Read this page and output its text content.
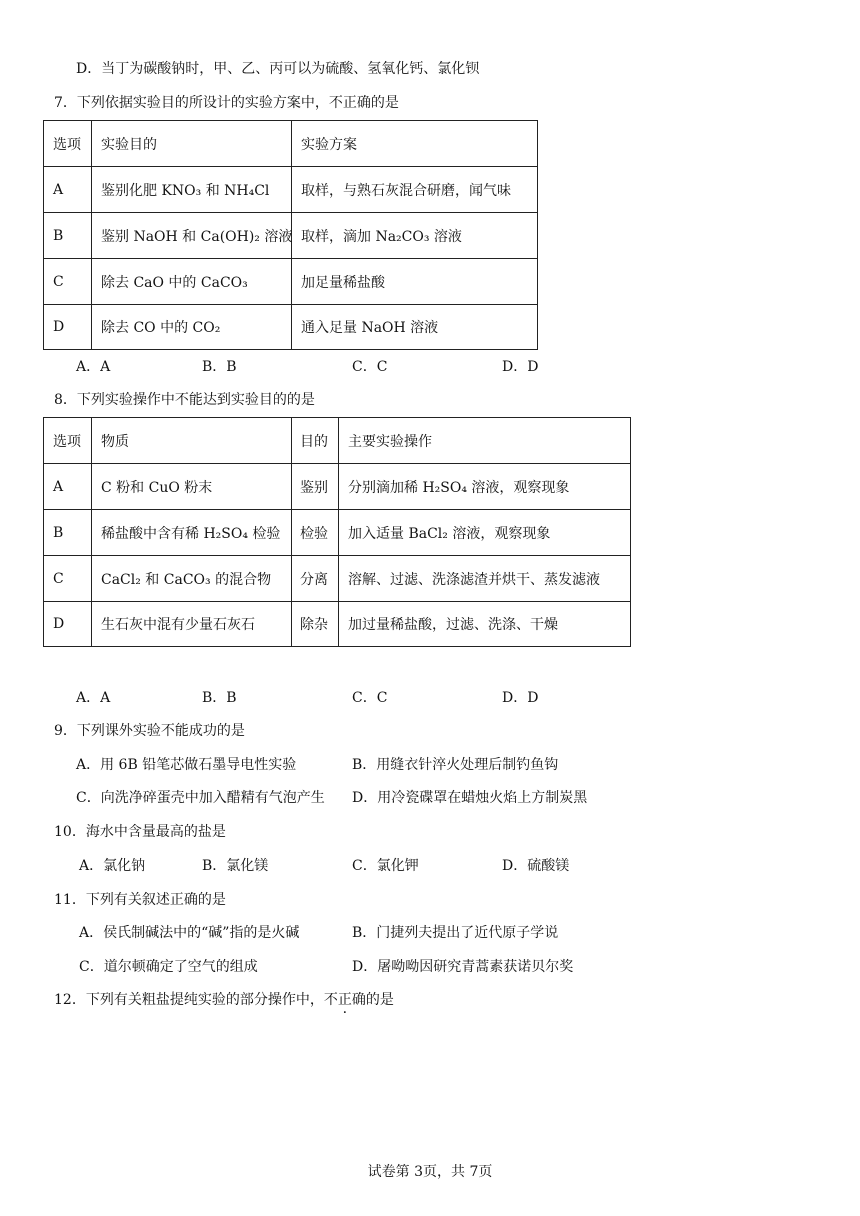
D．当丁为碳酸钠时，甲、乙、丙可以为硫酸、氢氧化钙、氯化钡
7．下列依据实验目的所设计的实验方案中，不正确的是
选项	实验目的	实验方案
A	鉴别化肥 KNO₃ 和 NH₄Cl	取样，与熟石灰混合研磨，闻气味
B	鉴别 NaOH 和 Ca(OH)₂ 溶液	取样，滴加 Na₂CO₃ 溶液
C	除去 CaO 中的 CaCO₃	加足量稀盐酸
D	除去 CO 中的 CO₂	通入足量 NaOH 溶液
A．A	B．B	C．C	D．D
8．下列实验操作中不能达到实验目的的是
选项	物质	目的	主要实验操作
A	C 粉和 CuO 粉末	鉴别	分别滴加稀 H₂SO₄ 溶液，观察现象
B	稀盐酸中含有稀 H₂SO₄ 检验	检验	加入适量 BaCl₂ 溶液，观察现象
C	CaCl₂ 和 CaCO₃ 的混合物	分离	溶解、过滤、洗涤滤渣并烘干、蒸发滤液
D	生石灰中混有少量石灰石	除杂	加过量稀盐酸，过滤、洗涤、干燥
A．A	B．B	C．C	D．D
9．下列课外实验不能成功的是
A．用 6B 铅笔芯做石墨导电性实验	B．用缝衣针淬火处理后制钓鱼钩
C．向洗净碎蛋壳中加入醋精有气泡产生 D．用冷瓷碟罩在蜡烛火焰上方制炭黑
10．海水中含量最高的盐是
A．氯化钠	B．氯化镁	C．氯化钾	D．硫酸镁
11．下列有关叙述正确的是
A．侯氏制碱法中的“碱”指的是火碱	B．门捷列夫提出了近代原子学说
C．道尔顿确定了空气的组成	D．屠呦呦因研究青蒿素获诺贝尔奖
12．下列有关粗盐提纯实验的部分操作中，不正确的是
试卷第 3页，共 7页
